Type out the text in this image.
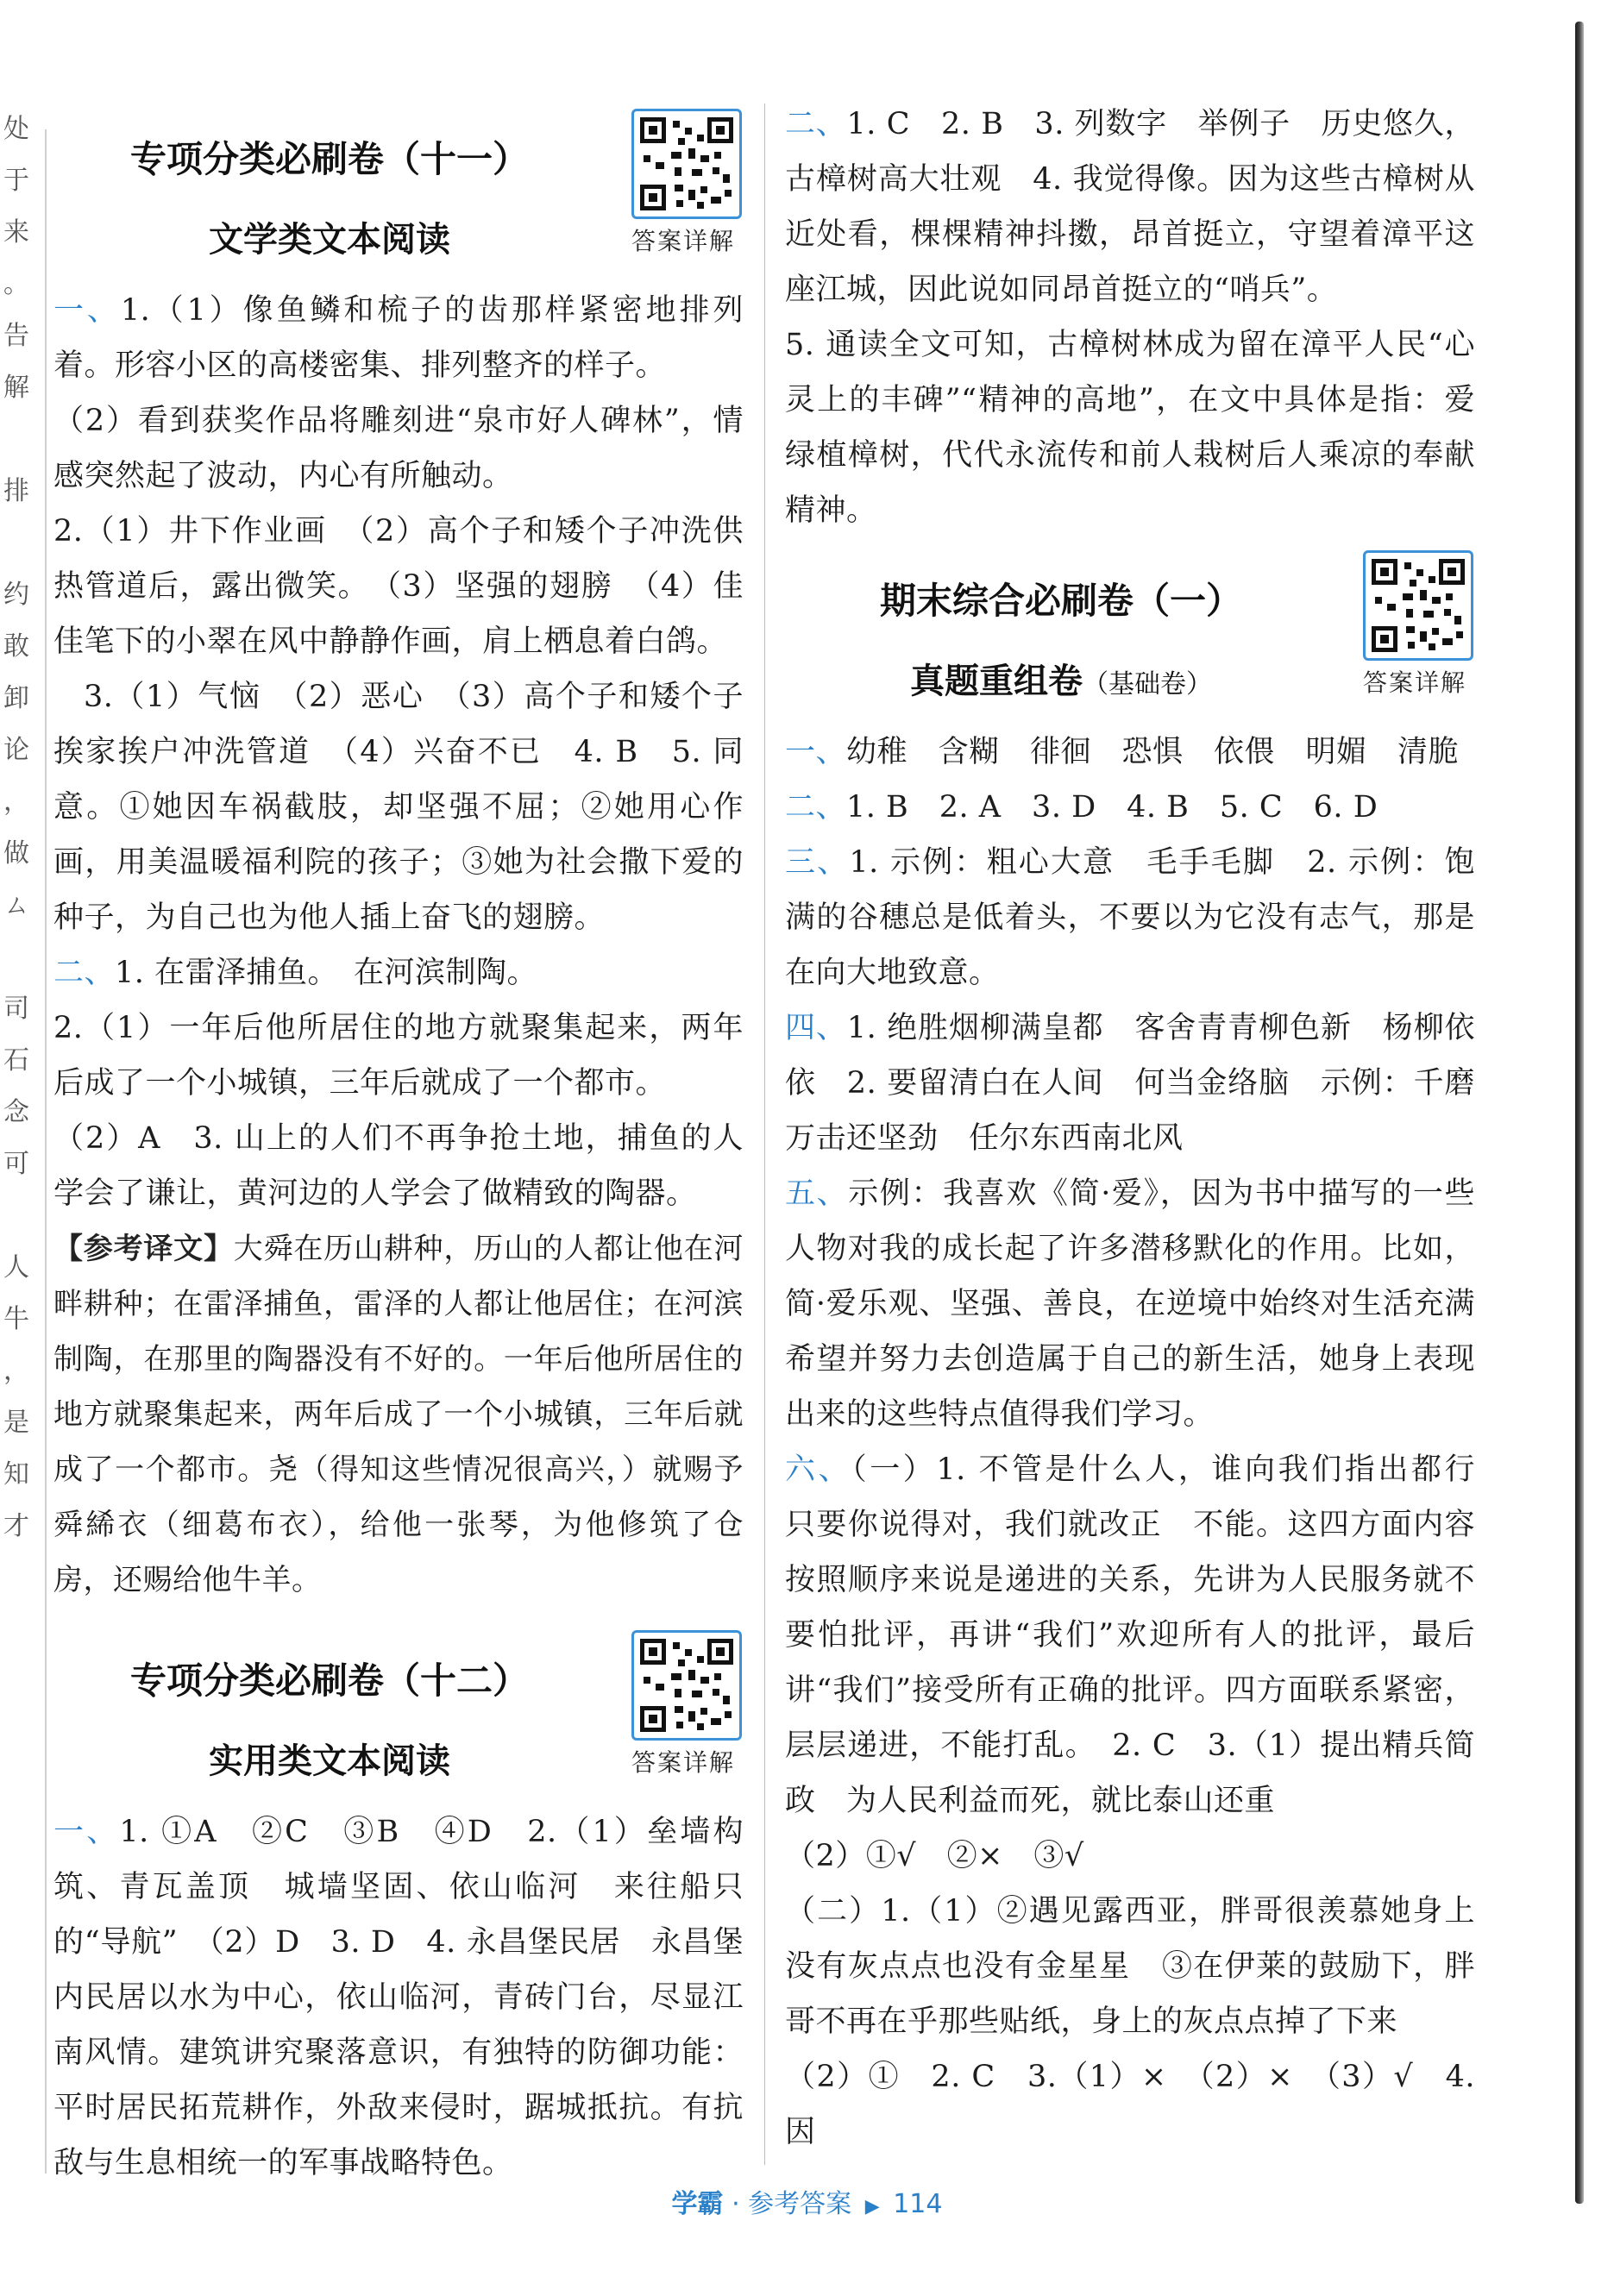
处
于
来
。
告
解
排
约
敢
卸
论
，
做
ㄙ
司
石
念
可
人
牛
，
是
知
才
专项分类必刷卷（十一）
文学类文本阅读	答案详解

一、1.（1）像鱼鳞和梳子的齿那样紧密地排列着。形容小区的高楼密集、排列整齐的样子。

（2）看到获奖作品将雕刻进“泉市好人碑林”，情感突然起了波动，内心有所触动。

2.（1）井下作业画　（2）高个子和矮个子冲洗供热管道后，露出微笑。　（3）坚强的翅膀　（4）佳佳笔下的小翠在风中静静作画，肩上栖息着白鸽。

3.（1）气恼　（2）恶心　（3）高个子和矮个子挨家挨户冲洗管道　（4）兴奋不已　4. B　5. 同意。①她因车祸截肢，却坚强不屈；②她用心作画，用美温暖福利院的孩子；③她为社会撒下爱的种子，为自己也为他人插上奋飞的翅膀。

二、1. 在雷泽捕鱼。　在河滨制陶。

2.（1）一年后他所居住的地方就聚集起来，两年后成了一个小城镇，三年后就成了一个都市。

（2）A　3. 山上的人们不再争抢土地，捕鱼的人学会了谦让，黄河边的人学会了做精致的陶器。

【参考译文】大舜在历山耕种，历山的人都让他在河畔耕种；在雷泽捕鱼，雷泽的人都让他居住；在河滨制陶，在那里的陶器没有不好的。一年后他所居住的地方就聚集起来，两年后成了一个小城镇，三年后就成了一个都市。尧（得知这些情况很高兴，）就赐予舜絺衣（细葛布衣），给他一张琴，为他修筑了仓房，还赐给他牛羊。

专项分类必刷卷（十二）
实用类文本阅读	答案详解

一、1. ①A　②C　③B　④D　2.（1）垒墙构筑、青瓦盖顶　城墙坚固、依山临河　来往船只的“导航”　（2）D　3. D　4. 永昌堡民居　永昌堡内民居以水为中心，依山临河，青砖门台，尽显江南风情。建筑讲究聚落意识，有独特的防御功能：平时居民拓荒耕作，外敌来侵时，踞城抵抗。有抗敌与生息相统一的军事战略特色。

二、1. C　2. B　3. 列数字　举例子　历史悠久，古樟树高大壮观　4. 我觉得像。因为这些古樟树从近处看，棵棵精神抖擞，昂首挺立，守望着漳平这座江城，因此说如同昂首挺立的“哨兵”。

5. 通读全文可知，古樟树林成为留在漳平人民“心灵上的丰碑”“精神的高地”，在文中具体是指：爱绿植樟树，代代永流传和前人栽树后人乘凉的奉献精神。

期末综合必刷卷（一）
真题重组卷（基础卷）	答案详解

一、幼稚　含糊　徘徊　恐惧　依偎　明媚　清脆

二、1. B　2. A　3. D　4. B　5. C　6. D

三、1. 示例：粗心大意　毛手毛脚　2. 示例：饱满的谷穗总是低着头，不要以为它没有志气，那是在向大地致意。

四、1. 绝胜烟柳满皇都　客舍青青柳色新　杨柳依依　2. 要留清白在人间　何当金络脑　示例：千磨万击还坚劲　任尔东西南北风

五、示例：我喜欢《简·爱》，因为书中描写的一些人物对我的成长起了许多潜移默化的作用。比如，简·爱乐观、坚强、善良，在逆境中始终对生活充满希望并努力去创造属于自己的新生活，她身上表现出来的这些特点值得我们学习。

六、（一）1. 不管是什么人，谁向我们指出都行　只要你说得对，我们就改正　不能。这四方面内容按照顺序来说是递进的关系，先讲为人民服务就不要怕批评，再讲“我们”欢迎所有人的批评，最后讲“我们”接受所有正确的批评。四方面联系紧密，层层递进，不能打乱。　2. C　3.（1）提出精兵简政　为人民利益而死，就比泰山还重

（2）①√　②×　③√

（二）1.（1）②遇见露西亚，胖哥很羡慕她身上没有灰点点也没有金星星　③在伊莱的鼓励下，胖哥不再在乎那些贴纸，身上的灰点点掉了下来

（2）①　2. C　3.（1）×　（2）×　（3）√　4. 因

学霸 · 参考答案 ▶ 114
